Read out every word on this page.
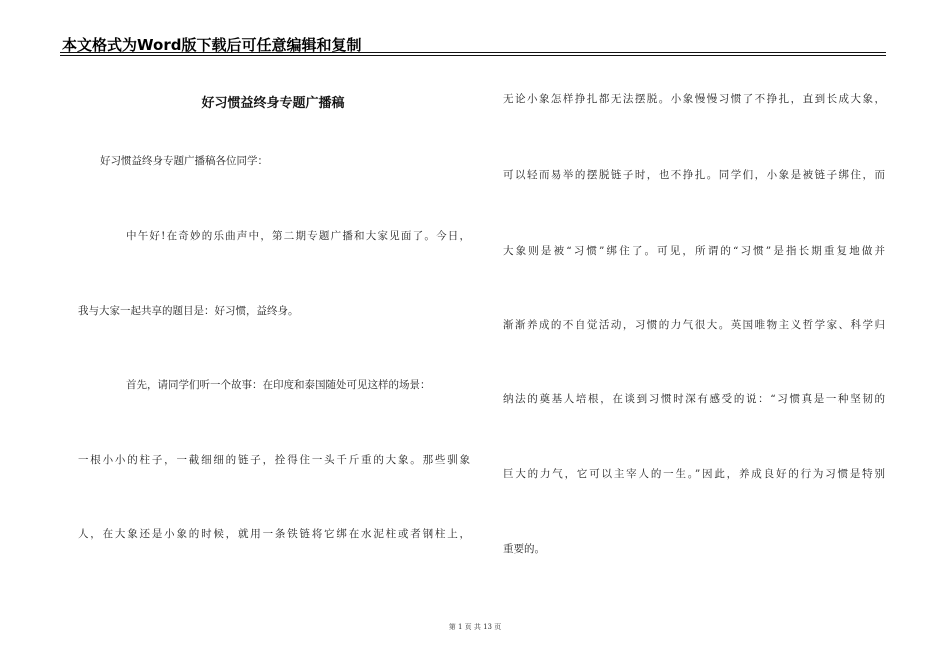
本文格式为Word版下载后可任意编辑和复制
好习惯益终身专题广播稿
好习惯益终身专题广播稿各位同学：
中午好!在奇妙的乐曲声中，第二期专题广播和大家见面了。今日，
我与大家一起共享的题目是：好习惯，益终身。
首先，请同学们听一个故事：在印度和泰国随处可见这样的场景：
一根小小的柱子，一截细细的链子，拴得住一头千斤重的大象。那些驯象
人，在大象还是小象的时候，就用一条铁链将它绑在水泥柱或者钢柱上，
无论小象怎样挣扎都无法摆脱。小象慢慢习惯了不挣扎，直到长成大象，
可以轻而易举的摆脱链子时，也不挣扎。同学们，小象是被链子绑住，而
大象则是被“习惯”绑住了。可见，所谓的“习惯”是指长期重复地做并
渐渐养成的不自觉活动，习惯的力气很大。英国唯物主义哲学家、科学归
纳法的奠基人培根，在谈到习惯时深有感受的说：“习惯真是一种坚韧的
巨大的力气，它可以主宰人的一生。”因此，养成良好的行为习惯是特别
重要的。
第 1 页 共 13 页
